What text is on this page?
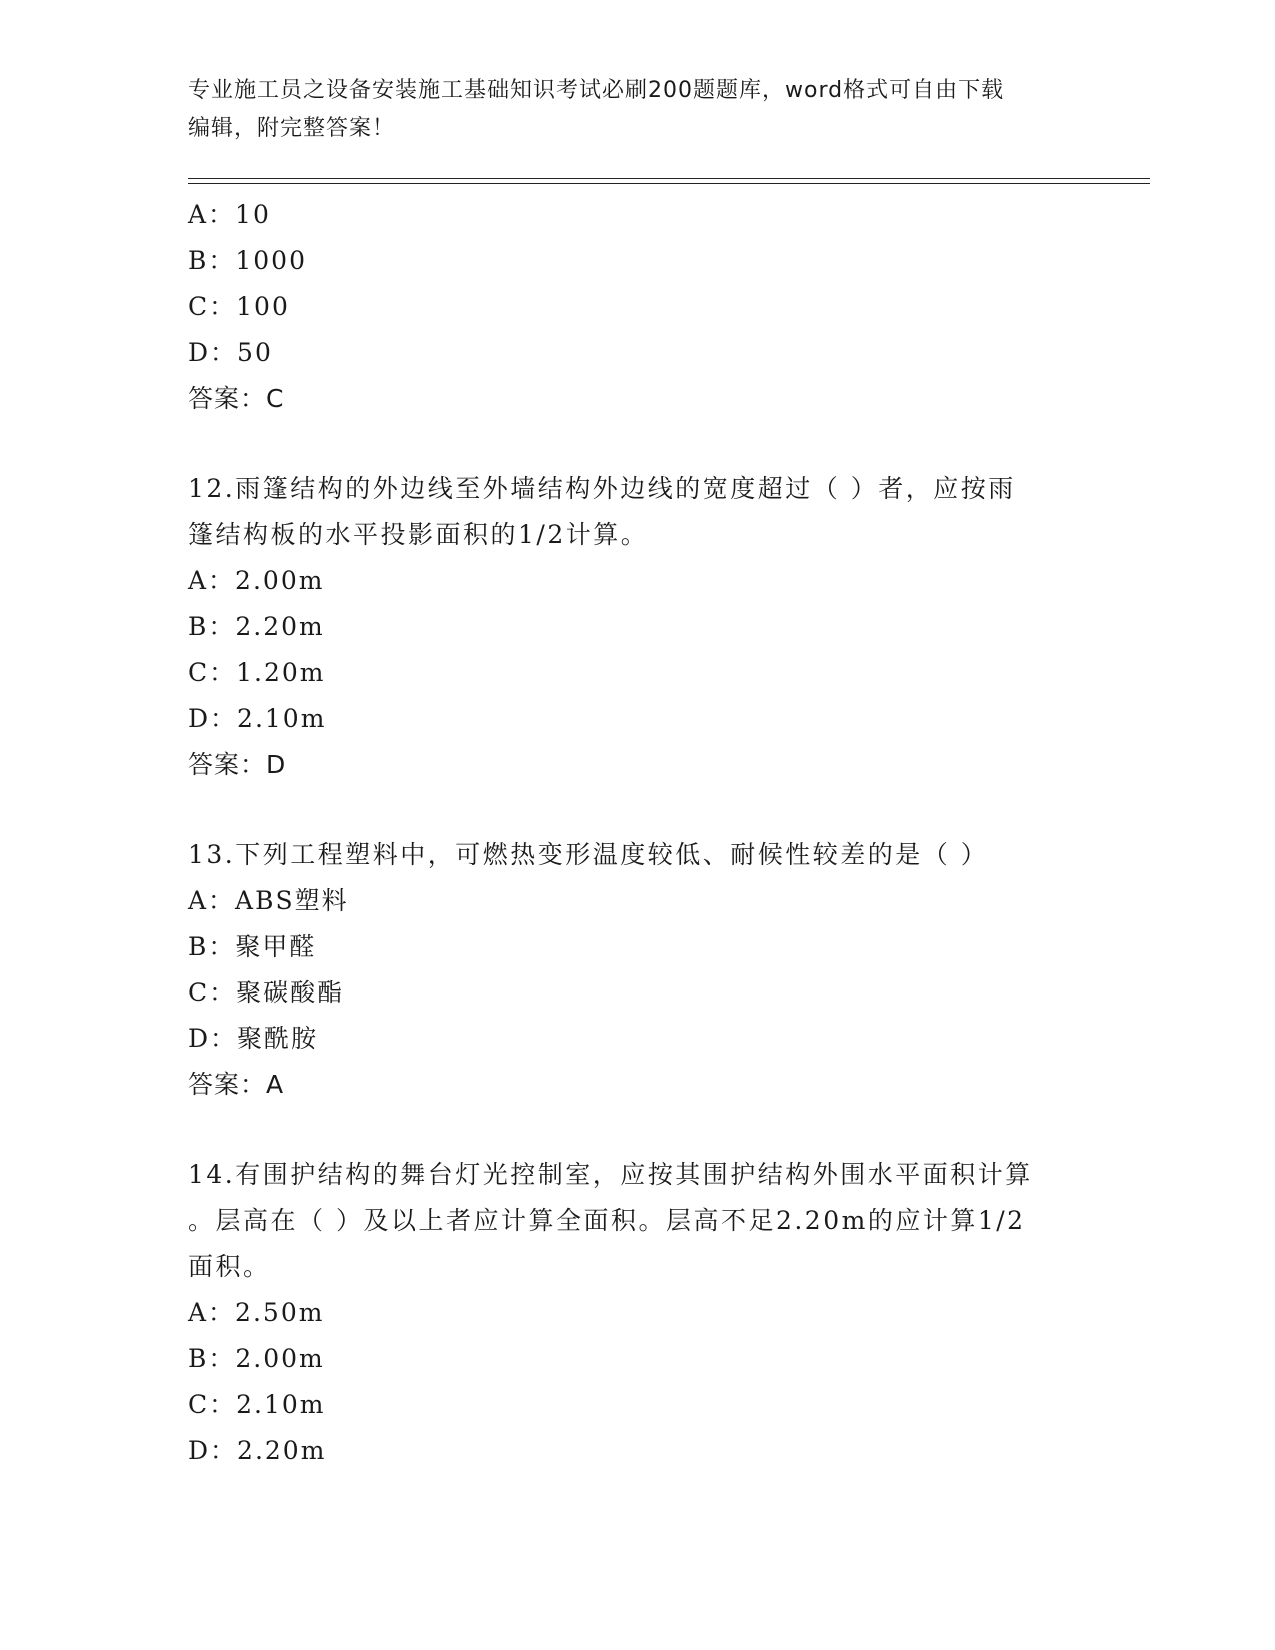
专业施工员之设备安装施工基础知识考试必刷200题题库，word格式可自由下载
编辑，附完整答案！
A：10
B：1000
C：100
D：50
答案：C
12.雨篷结构的外边线至外墙结构外边线的宽度超过（ ）者，应按雨
篷结构板的水平投影面积的1/2计算。
A：2.00m
B：2.20m
C：1.20m
D：2.10m
答案：D
13.下列工程塑料中，可燃热变形温度较低、耐候性较差的是（ ）
A：ABS塑料
B：聚甲醛
C：聚碳酸酯
D：聚酰胺
答案：A
14.有围护结构的舞台灯光控制室，应按其围护结构外围水平面积计算
。层高在（ ）及以上者应计算全面积。层高不足2.20m的应计算1/2
面积。
A：2.50m
B：2.00m
C：2.10m
D：2.20m
